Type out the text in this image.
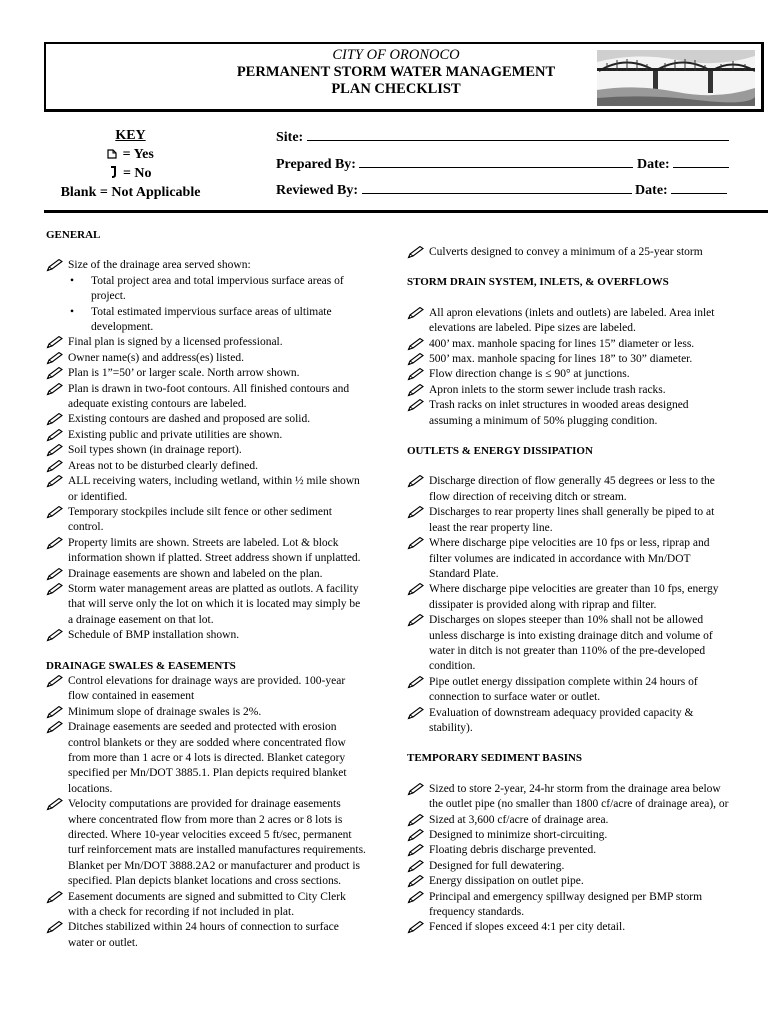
CITY OF ORONOCO
PERMANENT STORM WATER MANAGEMENT
PLAN CHECKLIST
KEY
= Yes
= No
Blank = Not Applicable
Site:
Prepared By:	Date:
Reviewed By:	Date:

GENERAL

Size of the drainage area served shown:
• Total project area and total impervious surface areas of project.
• Total estimated impervious surface areas of ultimate development.
Final plan is signed by a licensed professional.
Owner name(s) and address(es) listed.
Plan is 1”=50’ or larger scale. North arrow shown.
Plan is drawn in two-foot contours. All finished contours and adequate existing contours are labeled.
Existing contours are dashed and proposed are solid.
Existing public and private utilities are shown.
Soil types shown (in drainage report).
Areas not to be disturbed clearly defined.
ALL receiving waters, including wetland, within ½ mile shown or identified.
Temporary stockpiles include silt fence or other sediment control.
Property limits are shown. Streets are labeled. Lot & block information shown if platted. Street address shown if unplatted.
Drainage easements are shown and labeled on the plan.
Storm water management areas are platted as outlots. A facility that will serve only the lot on which it is located may simply be a drainage easement on that lot.
Schedule of BMP installation shown.

DRAINAGE SWALES & EASEMENTS

Control elevations for drainage ways are provided. 100-year flow contained in easement
Minimum slope of drainage swales is 2%.
Drainage easements are seeded and protected with erosion control blankets or they are sodded where concentrated flow from more than 1 acre or 4 lots is directed. Blanket category specified per Mn/DOT 3885.1. Plan depicts required blanket locations.
Velocity computations are provided for drainage easements where concentrated flow from more than 2 acres or 8 lots is directed. Where 10-year velocities exceed 5 ft/sec, permanent turf reinforcement mats are installed manufactures requirements. Blanket per Mn/DOT 3888.2A2 or manufacturer and product is specified. Plan depicts blanket locations and cross sections.
Easement documents are signed and submitted to City Clerk with a check for recording if not included in plat.
Ditches stabilized within 24 hours of connection to surface water or outlet.
Culverts designed to convey a minimum of a 25-year storm

STORM DRAIN SYSTEM, INLETS, & OVERFLOWS

All apron elevations (inlets and outlets) are labeled. Area inlet elevations are labeled. Pipe sizes are labeled.
400’ max. manhole spacing for lines 15” diameter or less.
500’ max. manhole spacing for lines 18” to 30” diameter.
Flow direction change is ≤ 90° at junctions.
Apron inlets to the storm sewer include trash racks.
Trash racks on inlet structures in wooded areas designed assuming a minimum of 50% plugging condition.

OUTLETS & ENERGY DISSIPATION

Discharge direction of flow generally 45 degrees or less to the flow direction of receiving ditch or stream.
Discharges to rear property lines shall generally be piped to at least the rear property line.
Where discharge pipe velocities are 10 fps or less, riprap and filter volumes are indicated in accordance with Mn/DOT Standard Plate.
Where discharge pipe velocities are greater than 10 fps, energy dissipater is provided along with riprap and filter.
Discharges on slopes steeper than 10% shall not be allowed unless discharge is into existing drainage ditch and volume of water in ditch is not greater than 110% of the pre-developed condition.
Pipe outlet energy dissipation complete within 24 hours of connection to surface water or outlet.
Evaluation of downstream adequacy provided capacity & stability).

TEMPORARY SEDIMENT BASINS

Sized to store 2-year, 24-hr storm from the drainage area below the outlet pipe (no smaller than 1800 cf/acre of drainage area), or
Sized at 3,600 cf/acre of drainage area.
Designed to minimize short-circuiting.
Floating debris discharge prevented.
Designed for full dewatering.
Energy dissipation on outlet pipe.
Principal and emergency spillway designed per BMP storm frequency standards.
Fenced if slopes exceed 4:1 per city detail.
